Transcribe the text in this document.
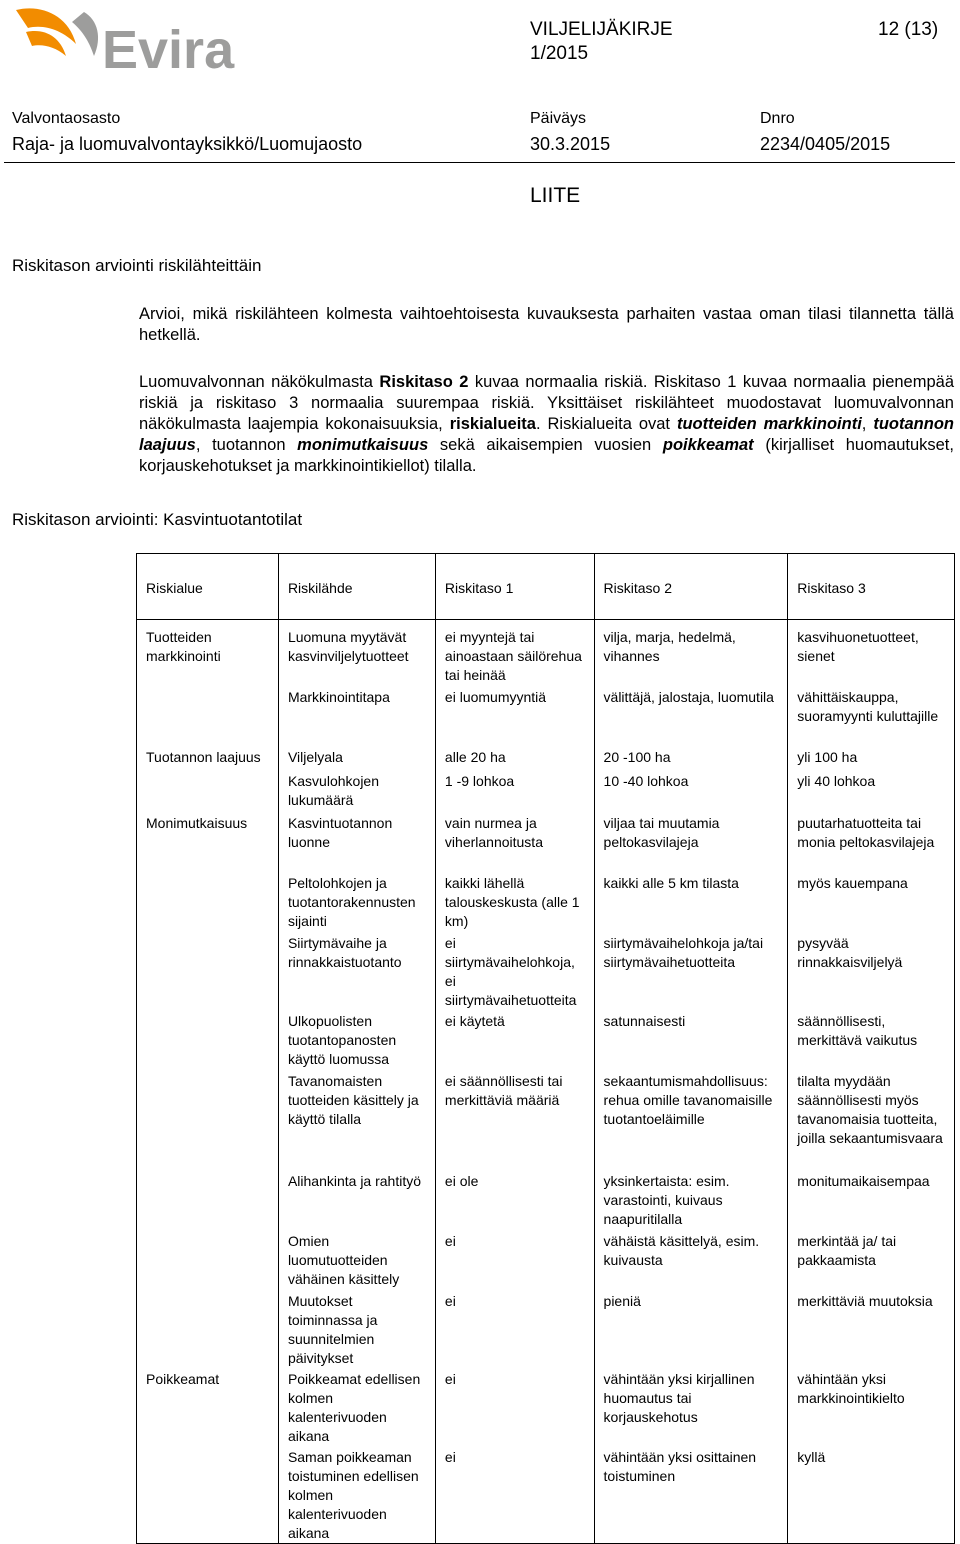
Evira	VILJELIJÄKIRJE
1/2015
12 (13)
Valvontaosasto
Raja- ja luomuvalvontayksikkö/Luomujaosto
Päiväys
30.3.2015
Dnro
2234/0405/2015
LIITE
Riskitason arviointi riskilähteittäin
Arvioi, mikä riskilähteen kolmesta vaihtoehtoisesta kuvauksesta parhaiten vastaa oman tilasi tilannetta tällä hetkellä.
Luomuvalvonnan näkökulmasta Riskitaso 2 kuvaa normaalia riskiä. Riskitaso 1 kuvaa normaalia pienempää riskiä ja riskitaso 3 normaalia suurempaa riskiä. Yksittäiset riskilähteet muodostavat luomuvalvonnan näkökulmasta laajempia kokonaisuuksia, riskialueita. Riskialueita ovat tuotteiden markkinointi, tuotannon laajuus, tuotannon monimutkaisuus sekä aikaisempien vuosien poikkeamat (kirjalliset huomautukset, korjauskehotukset ja markkinointikiellot) tilalla.
Riskitason arviointi: Kasvintuotantotilat
Riskialue	Riskilähde	Riskitaso 1	Riskitaso 2	Riskitaso 3
Tuotteiden markkinointi	Luomuna myytävät kasvinviljelytuotteet	ei myyntejä tai ainoastaan säilörehua tai heinää	vilja, marja, hedelmä, vihannes	kasvihuonetuotteet, sienet
	Markkinointitapa	ei luomumyyntiä	välittäjä, jalostaja, luomutila	vähittäiskauppa, suoramyynti kuluttajille
Tuotannon laajuus	Viljelyala	alle 20 ha	20 -100 ha	yli 100 ha
	Kasvulohkojen lukumäärä	1 -9 lohkoa	10 -40 lohkoa	yli 40 lohkoa
Monimutkaisuus	Kasvintuotannon luonne	vain nurmea ja viherlannoitusta	viljaa tai muutamia peltokasvilajeja	puutarhatuotteita tai monia peltokasvilajeja
	Peltolohkojen ja tuotantorakennusten sijainti	kaikki lähellä talouskeskusta (alle 1 km)	kaikki alle 5 km tilasta	myös kauempana
	Siirtymävaihe ja rinnakkaistuotanto	ei siirtymävaihelohkoja, ei siirtymävaihetuotteita	siirtymävaihelohkoja ja/tai siirtymävaihetuotteita	pysyvää rinnakkaisviljelyä
	Ulkopuolisten tuotantopanosten käyttö luomussa	ei käytetä	satunnaisesti	säännöllisesti, merkittävä vaikutus
	Tavanomaisten tuotteiden käsittely ja käyttö tilalla	ei säännöllisesti tai merkittäviä määriä	sekaantumismahdollisuus: rehua omille tavanomaisille tuotantoeläimille	tilalta myydään säännöllisesti myös tavanomaisia tuotteita, joilla sekaantumisvaara
	Alihankinta ja rahtityö	ei ole	yksinkertaista: esim. varastointi, kuivaus naapuritilalla	monitumaikaisempaa
	Omien luomutuotteiden vähäinen käsittely	ei	vähäistä käsittelyä, esim. kuivausta	merkintää ja/ tai pakkaamista
	Muutokset toiminnassa ja suunnitelmien päivitykset	ei	pieniä	merkittäviä muutoksia
Poikkeamat	Poikkeamat edellisen kolmen kalenterivuoden aikana	ei	vähintään yksi kirjallinen huomautus tai korjauskehotus	vähintään yksi markkinointikielto
	Saman poikkeaman toistuminen edellisen kolmen kalenterivuoden aikana	ei	vähintään yksi osittainen toistuminen	kyllä
